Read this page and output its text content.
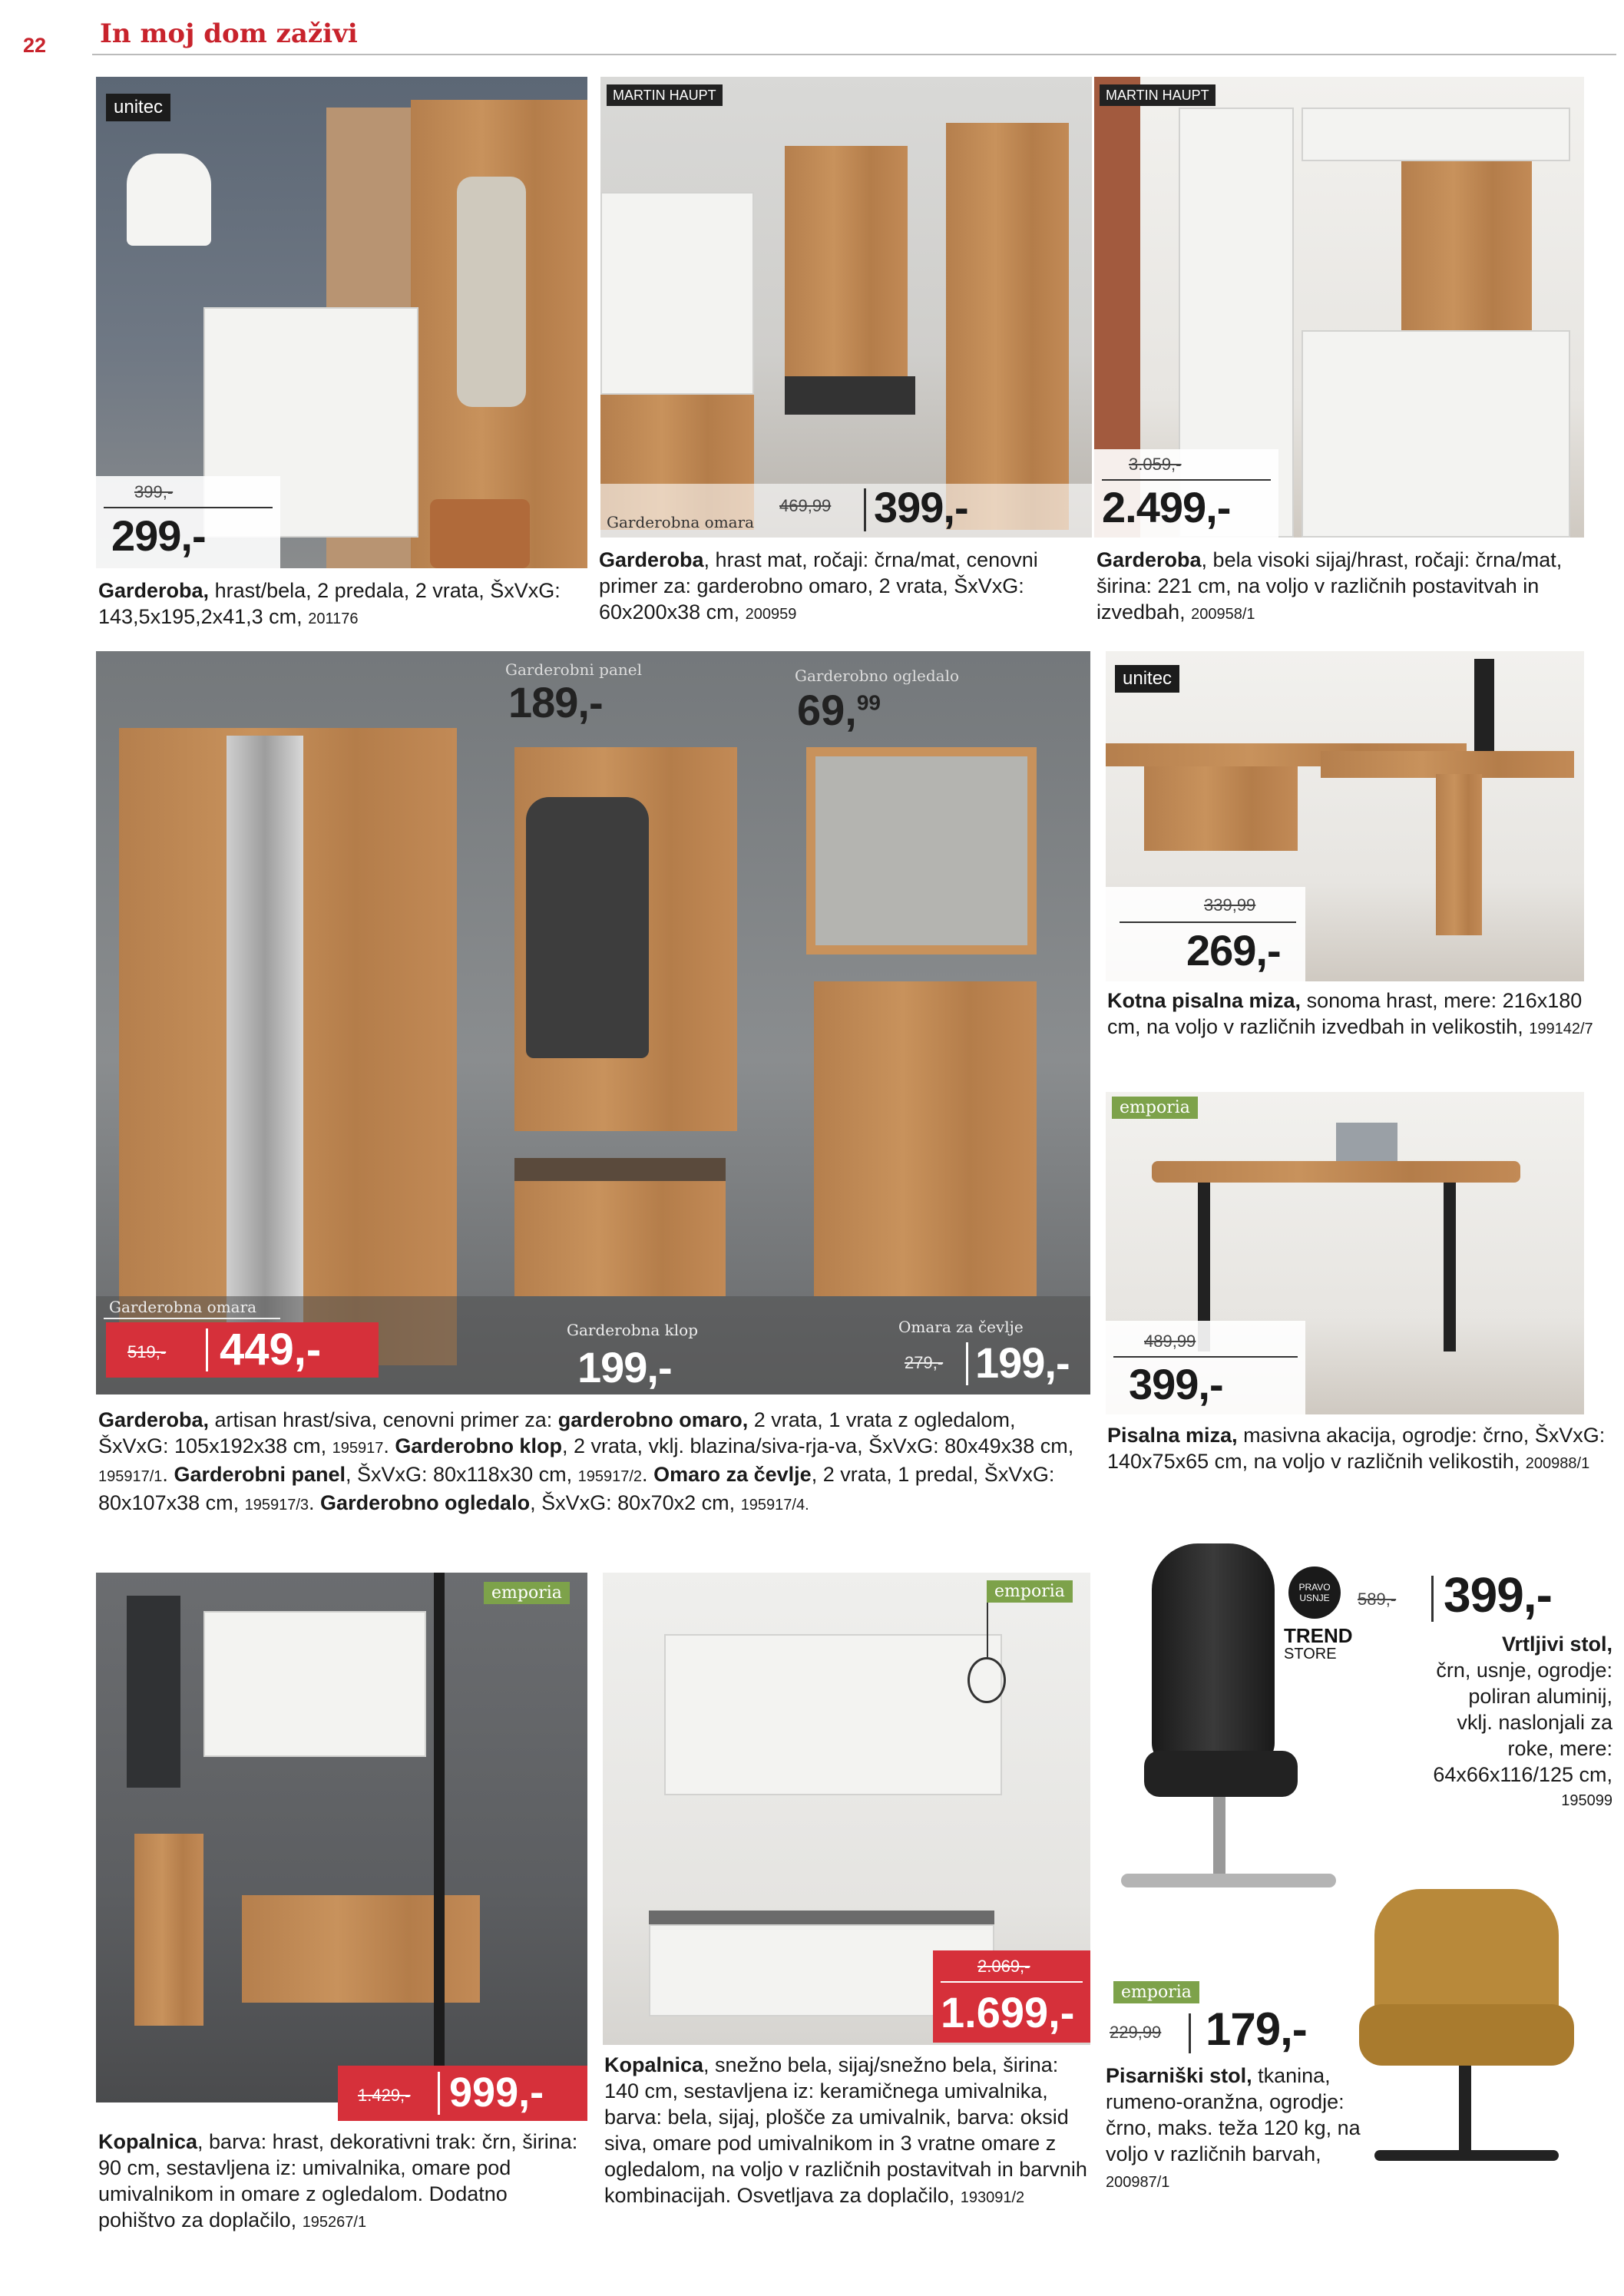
22 In moj dom zaživi
unitec
399,-
299,-
Garderoba, hrast/bela, 2 predala, 2 vrata, ŠxVxG: 143,5x195,2x41,3 cm, 201176
MARTIN HAUPT
Garderobna omara
469,99 399,-
Garderoba, hrast mat, ročaji: črna/mat, cenovni primer za: garderobno omaro, 2 vrata, ŠxVxG: 60x200x38 cm, 200959
MARTIN HAUPT
3.059,-
2.499,-
Garderoba, bela visoki sijaj/hrast, ročaji: črna/mat, širina: 221 cm, na voljo v različnih postavitvah in izvedbah, 200958/1
Garderobni panel
189,-
Garderobno ogledalo
69,99
Garderobna omara
519,- 449,-	Garderobna klop
199,-
Omara za čevlje
279,- 199,-
Garderoba, artisan hrast/siva, cenovni primer za: garderobno omaro, 2 vrata, 1 vrata z ogledalom, ŠxVxG: 105x192x38 cm, 195917. Garderobno klop, 2 vrata, vklj. blazina/siva-rja-va, ŠxVxG: 80x49x38 cm, 195917/1. Garderobni panel, ŠxVxG: 80x118x30 cm, 195917/2. Omaro za čevlje, 2 vrata, 1 predal, ŠxVxG: 80x107x38 cm, 195917/3. Garderobno ogledalo, ŠxVxG: 80x70x2 cm, 195917/4.
unitec
339,99
269,-
Kotna pisalna miza, sonoma hrast, mere: 216x180 cm, na voljo v različnih izvedbah in velikostih, 199142/7
emporia
489,99
399,-
Pisalna miza, masivna akacija, ogrodje: črno, ŠxVxG: 140x75x65 cm, na voljo v različnih velikostih, 200988/1
emporia
1.429,- 999,-
Kopalnica, barva: hrast, dekorativni trak: črn, širina: 90 cm, sestavljena iz: umivalnika, omare pod umivalnikom in omare z ogledalom. Dodatno pohištvo za doplačilo, 195267/1
emporia
2.069,-
1.699,-
Kopalnica, snežno bela, sijaj/snežno bela, širina: 140 cm, sestavljena iz: keramičnega umivalnika, barva: bela, sijaj, plošče za umivalnik, barva: oksid siva, omare pod umivalnikom in 3 vratne omare z ogledalom, na voljo v različnih postavitvah in barvnih kombinacijah. Osvetljava za doplačilo, 193091/2
PRAVO USNJE
TREND
STORE
589,- 399,-
Vrtljivi stol,
črn, usnje, ogrodje:
poliran aluminij,
vklj. naslonjali za
roke, mere:
64x66x116/125 cm,
195099
emporia
229,99 179,-
Pisarniški stol, tkanina, rumeno-oranžna, ogrodje: črno, maks. teža 120 kg, na voljo v različnih barvah, 200987/1
